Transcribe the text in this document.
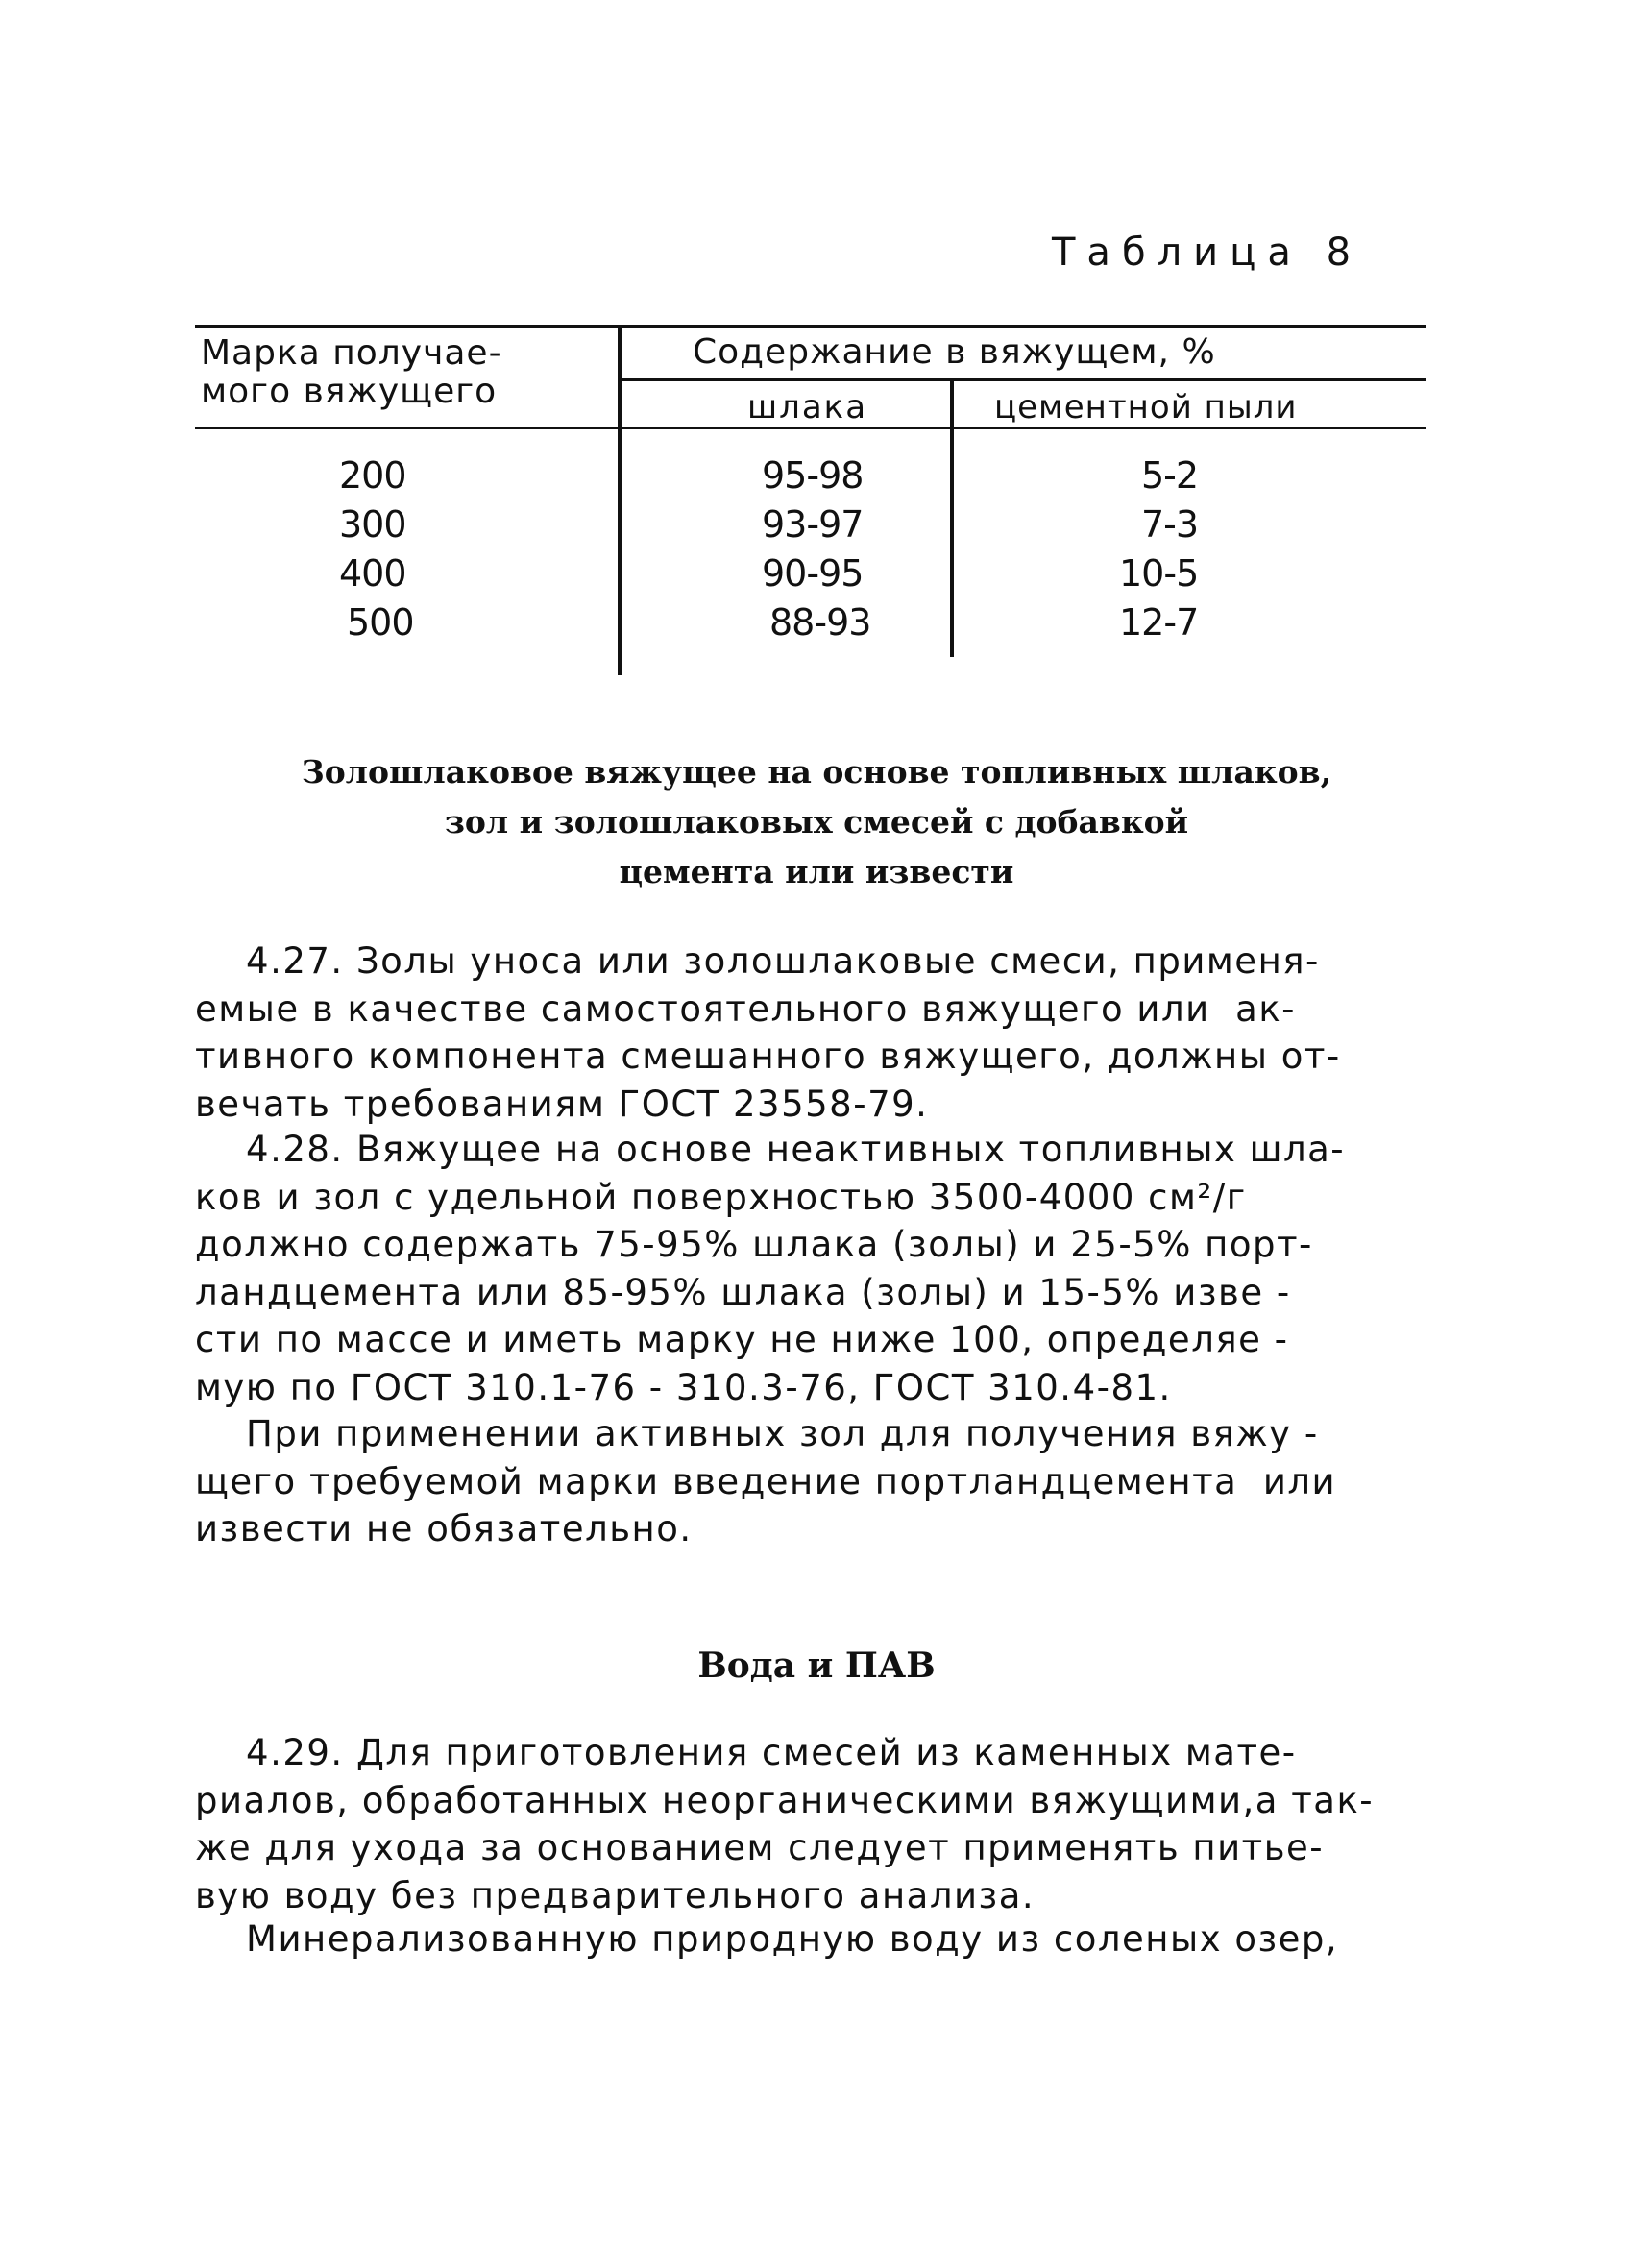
Таблица 8
Марка получае-
мого вяжущего
Содержание в вяжущем, %
шлака	цементной пыли
200	95-98	5-2
300	93-97	7-3
400	90-95	10-5
500	88-93	12-7
Золошлаковое вяжущее на основе топливных шлаков,
зол и золошлаковых смесей с добавкой
цемента или извести
4.27. Золы уноса или золошлаковые смеси, применя-
емые в качестве самостоятельного вяжущего или  ак-
тивного компонента смешанного вяжущего, должны от-
вечать требованиям ГОСТ 23558-79.
4.28. Вяжущее на основе неактивных топливных шла-
ков и зол с удельной поверхностью 3500-4000 см²/г
должно содержать 75-95% шлака (золы) и 25-5% порт-
ландцемента или 85-95% шлака (золы) и 15-5% изве -
сти по массе и иметь марку не ниже 100, определяе -
мую по ГОСТ 310.1-76 - 310.3-76, ГОСТ 310.4-81.
При применении активных зол для получения вяжу -
щего требуемой марки введение портландцемента  или
извести не обязательно.
Вода и ПАВ
4.29. Для приготовления смесей из каменных мате-
риалов, обработанных неорганическими вяжущими,а так-
же для ухода за основанием следует применять питье-
вую воду без предварительного анализа.
Минерализованную природную воду из соленых озер,
